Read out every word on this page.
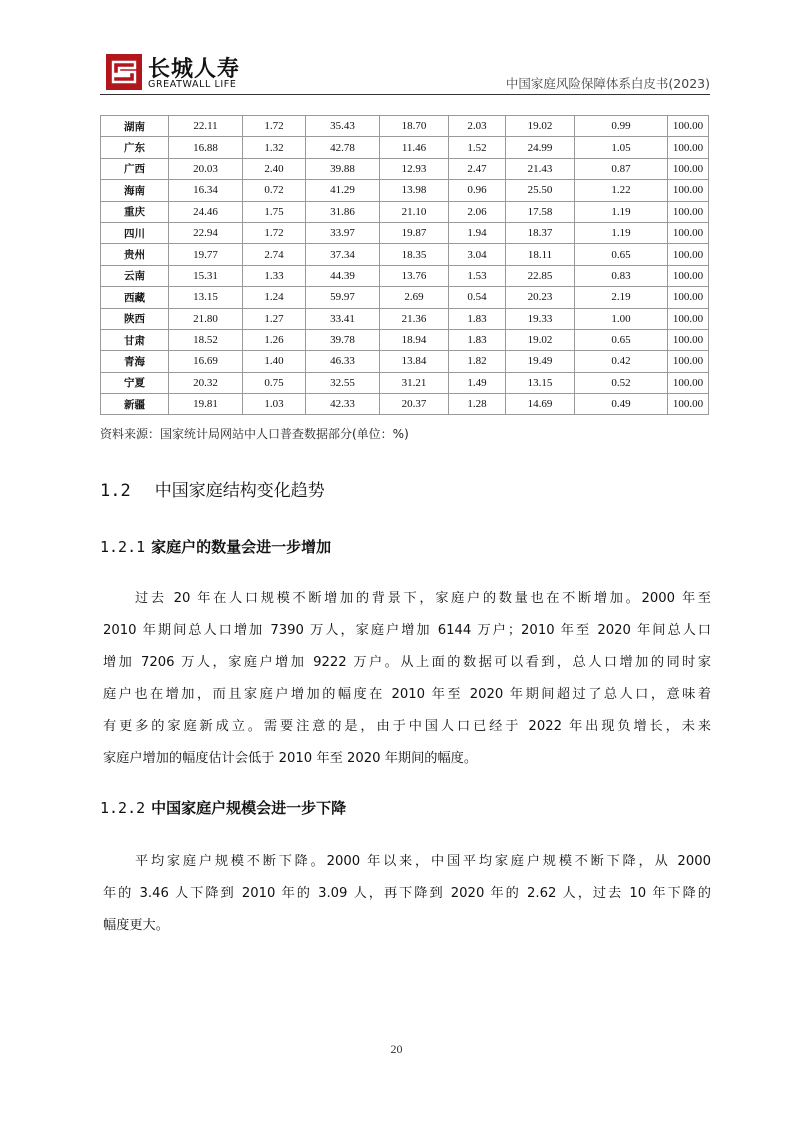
长城人寿
GREATWALL LIFE	中国家庭风险保障体系白皮书(2023)
湖南	22.11	1.72	35.43	18.70	2.03	19.02	0.99	100.00
广东	16.88	1.32	42.78	11.46	1.52	24.99	1.05	100.00
广西	20.03	2.40	39.88	12.93	2.47	21.43	0.87	100.00
海南	16.34	0.72	41.29	13.98	0.96	25.50	1.22	100.00
重庆	24.46	1.75	31.86	21.10	2.06	17.58	1.19	100.00
四川	22.94	1.72	33.97	19.87	1.94	18.37	1.19	100.00
贵州	19.77	2.74	37.34	18.35	3.04	18.11	0.65	100.00
云南	15.31	1.33	44.39	13.76	1.53	22.85	0.83	100.00
西藏	13.15	1.24	59.97	2.69	0.54	20.23	2.19	100.00
陕西	21.80	1.27	33.41	21.36	1.83	19.33	1.00	100.00
甘肃	18.52	1.26	39.78	18.94	1.83	19.02	0.65	100.00
青海	16.69	1.40	46.33	13.84	1.82	19.49	0.42	100.00
宁夏	20.32	0.75	32.55	31.21	1.49	13.15	0.52	100.00
新疆	19.81	1.03	42.33	20.37	1.28	14.69	0.49	100.00
资料来源：国家统计局网站中人口普查数据部分(单位：%)
1.2 中国家庭结构变化趋势
1.2.1 家庭户的数量会进一步增加
过去 20 年在人口规模不断增加的背景下，家庭户的数量也在不断增加。2000 年至
2010 年期间总人口增加 7390 万人，家庭户增加 6144 万户；2010 年至 2020 年间总人口
增加 7206 万人，家庭户增加 9222 万户。从上面的数据可以看到，总人口增加的同时家
庭户也在增加，而且家庭户增加的幅度在 2010 年至 2020 年期间超过了总人口，意味着
有更多的家庭新成立。需要注意的是，由于中国人口已经于 2022 年出现负增长，未来
家庭户增加的幅度估计会低于 2010 年至 2020 年期间的幅度。
1.2.2 中国家庭户规模会进一步下降
平均家庭户规模不断下降。2000 年以来，中国平均家庭户规模不断下降，从 2000
年的 3.46 人下降到 2010 年的 3.09 人，再下降到 2020 年的 2.62 人，过去 10 年下降的
幅度更大。
20
